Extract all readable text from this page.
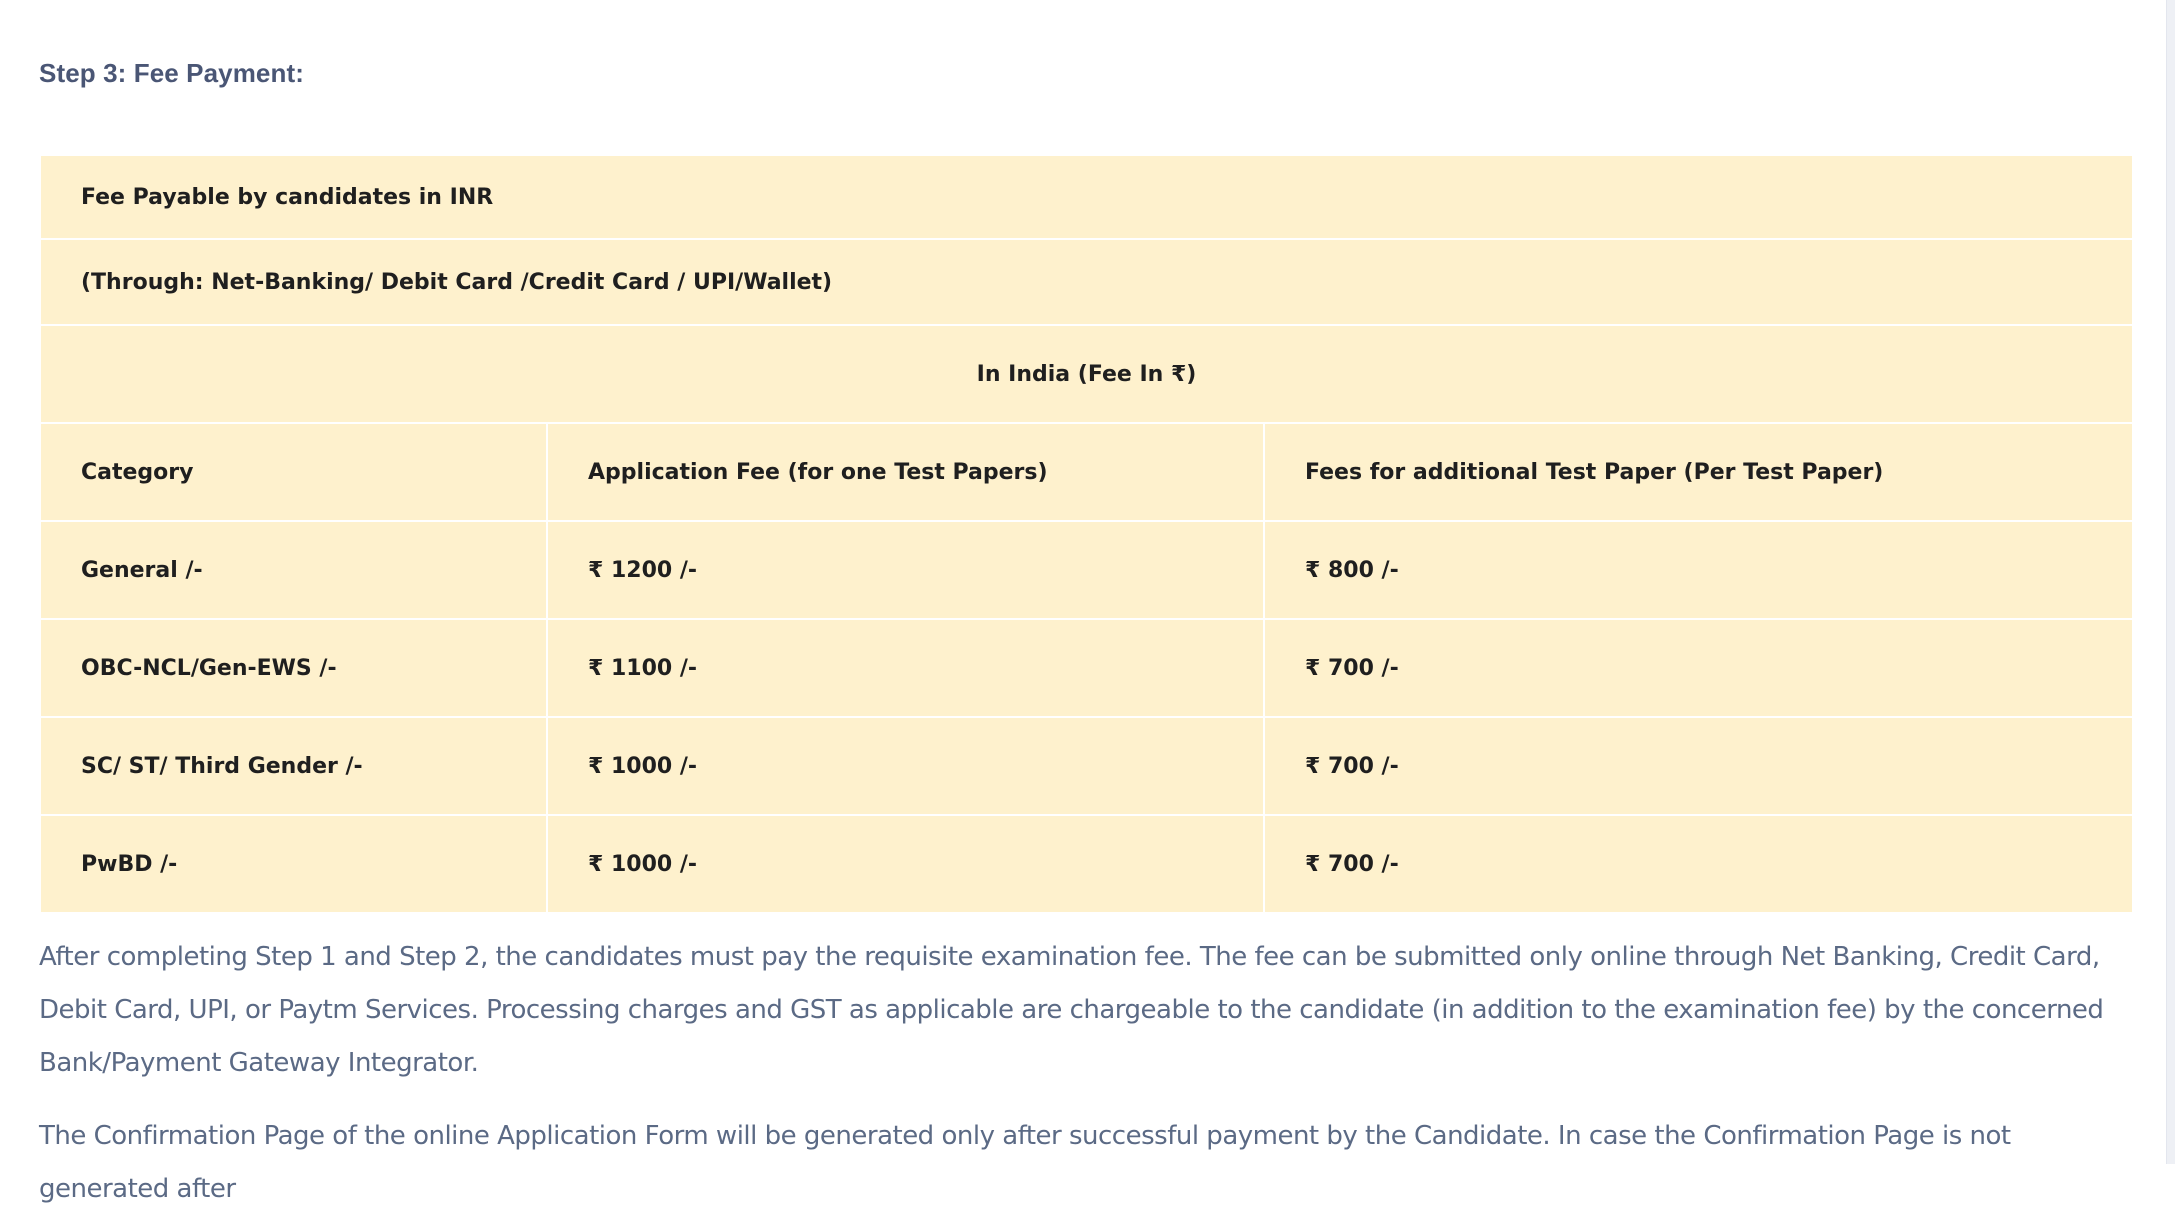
Step 3: Fee Payment:
Fee Payable by candidates in INR		
(Through: Net-Banking/ Debit Card /Credit Card / UPI/Wallet)		
In India (Fee In ₹)		
Category	Application Fee (for one Test Papers)	Fees for additional Test Paper (Per Test Paper)
General /-	₹ 1200 /-	₹ 800 /-
OBC-NCL/Gen-EWS /-	₹ 1100 /-	₹ 700 /-
SC/ ST/ Third Gender /-	₹ 1000 /-	₹ 700 /-
PwBD /-	₹ 1000 /-	₹ 700 /-

After completing Step 1 and Step 2, the candidates must pay the requisite examination fee. The fee can be submitted only online through Net Banking, Credit Card, Debit Card, UPI, or Paytm Services. Processing charges and GST as applicable are chargeable to the candidate (in addition to the examination fee) by the concerned Bank/Payment Gateway Integrator.

The Confirmation Page of the online Application Form will be generated only after successful payment by the Candidate. In case the Confirmation Page is not generated after
